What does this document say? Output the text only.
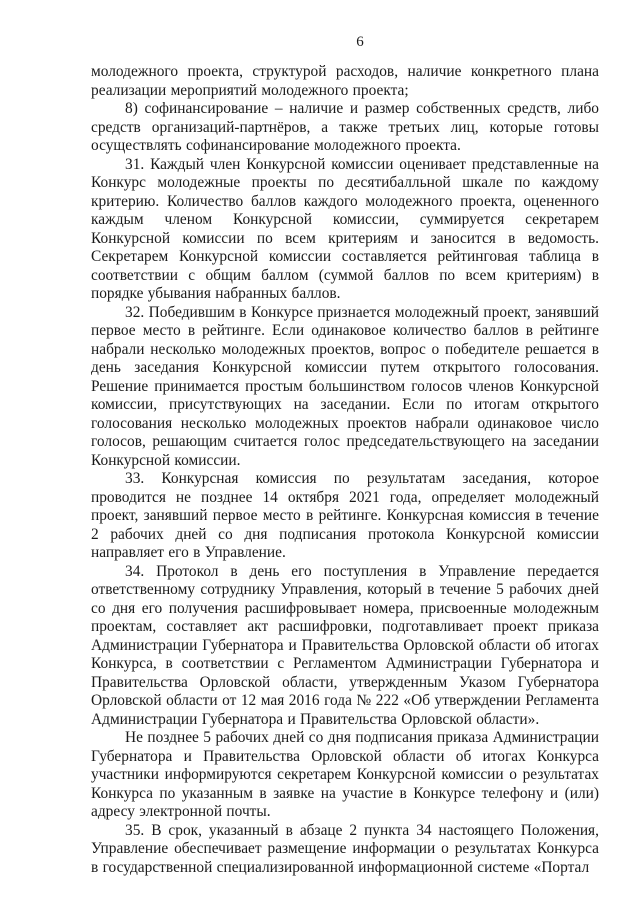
6

молодежного проекта, структурой расходов, наличие конкретного плана реализации мероприятий молодежного проекта;

8) софинансирование – наличие и размер собственных средств, либо средств организаций-партнёров, а также третьих лиц, которые готовы осуществлять софинансирование молодежного проекта.

31. Каждый член Конкурсной комиссии оценивает представленные на Конкурс молодежные проекты по десятибалльной шкале по каждому критерию. Количество баллов каждого молодежного проекта, оцененного каждым членом Конкурсной комиссии, суммируется секретарем Конкурсной комиссии по всем критериям и заносится в ведомость. Секретарем Конкурсной комиссии составляется рейтинговая таблица в соответствии с общим баллом (суммой баллов по всем критериям) в порядке убывания набранных баллов.

32. Победившим в Конкурсе признается молодежный проект, занявший первое место в рейтинге. Если одинаковое количество баллов в рейтинге набрали несколько молодежных проектов, вопрос о победителе решается в день заседания Конкурсной комиссии путем открытого голосования. Решение принимается простым большинством голосов членов Конкурсной комиссии, присутствующих на заседании. Если по итогам открытого голосования несколько молодежных проектов набрали одинаковое число голосов, решающим считается голос председательствующего на заседании Конкурсной комиссии.

33. Конкурсная комиссия по результатам заседания, которое проводится не позднее 14 октября 2021 года, определяет молодежный проект, занявший первое место в рейтинге. Конкурсная комиссия в течение 2 рабочих дней со дня подписания протокола Конкурсной комиссии направляет его в Управление.

34. Протокол в день его поступления в Управление передается ответственному сотруднику Управления, который в течение 5 рабочих дней со дня его получения расшифровывает номера, присвоенные молодежным проектам, составляет акт расшифровки, подготавливает проект приказа Администрации Губернатора и Правительства Орловской области об итогах Конкурса, в соответствии с Регламентом Администрации Губернатора и Правительства Орловской области, утвержденным Указом Губернатора Орловской области от 12 мая 2016 года № 222 «Об утверждении Регламента Администрации Губернатора и Правительства Орловской области».

Не позднее 5 рабочих дней со дня подписания приказа Администрации Губернатора и Правительства Орловской области об итогах Конкурса участники информируются секретарем Конкурсной комиссии о результатах Конкурса по указанным в заявке на участие в Конкурсе телефону и (или) адресу электронной почты.

35. В срок, указанный в абзаце 2 пункта 34 настоящего Положения, Управление обеспечивает размещение информации о результатах Конкурса в государственной специализированной информационной системе «Портал
